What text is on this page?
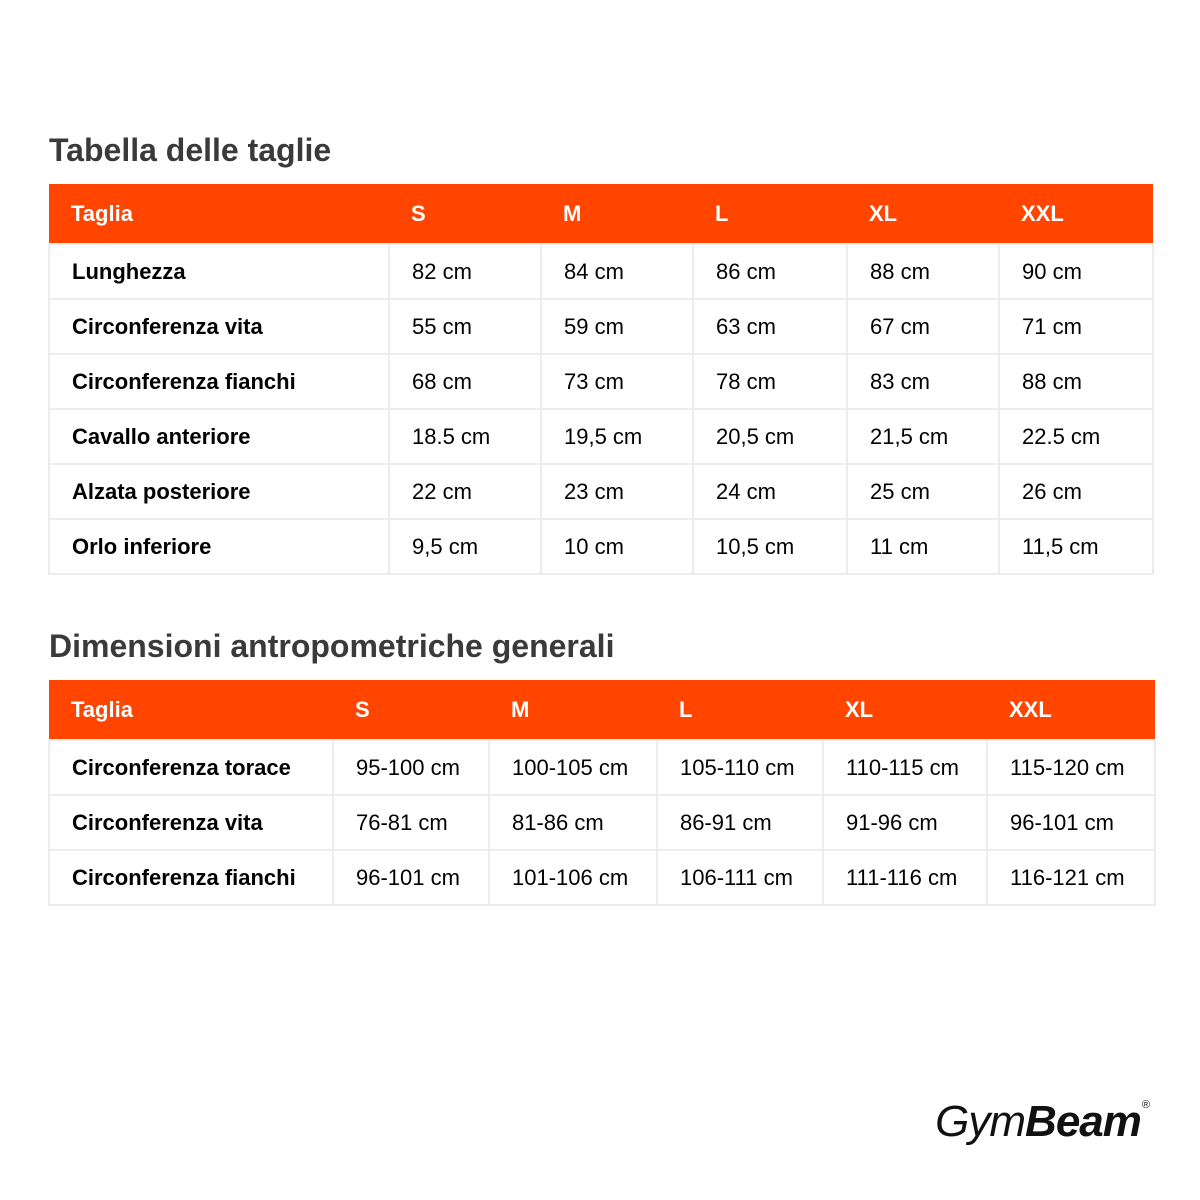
Tabella delle taglie
Taglia	S	M	L	XL	XXL
Lunghezza	82 cm	84 cm	86 cm	88 cm	90 cm
Circonferenza vita	55 cm	59 cm	63 cm	67 cm	71 cm
Circonferenza fianchi	68 cm	73 cm	78 cm	83 cm	88 cm
Cavallo anteriore	18.5 cm	19,5 cm	20,5 cm	21,5 cm	22.5 cm
Alzata posteriore	22 cm	23 cm	24 cm	25 cm	26 cm
Orlo inferiore	9,5 cm	10 cm	10,5 cm	11 cm	11,5 cm
Dimensioni antropometriche generali
Taglia	S	M	L	XL	XXL
Circonferenza torace	95-100 cm	100-105 cm	105-110 cm	110-115 cm	115-120 cm
Circonferenza vita	76-81 cm	81-86 cm	86-91 cm	91-96 cm	96-101 cm
Circonferenza fianchi	96-101 cm	101-106 cm	106-111 cm	111-116 cm	116-121 cm
GymBeam®
